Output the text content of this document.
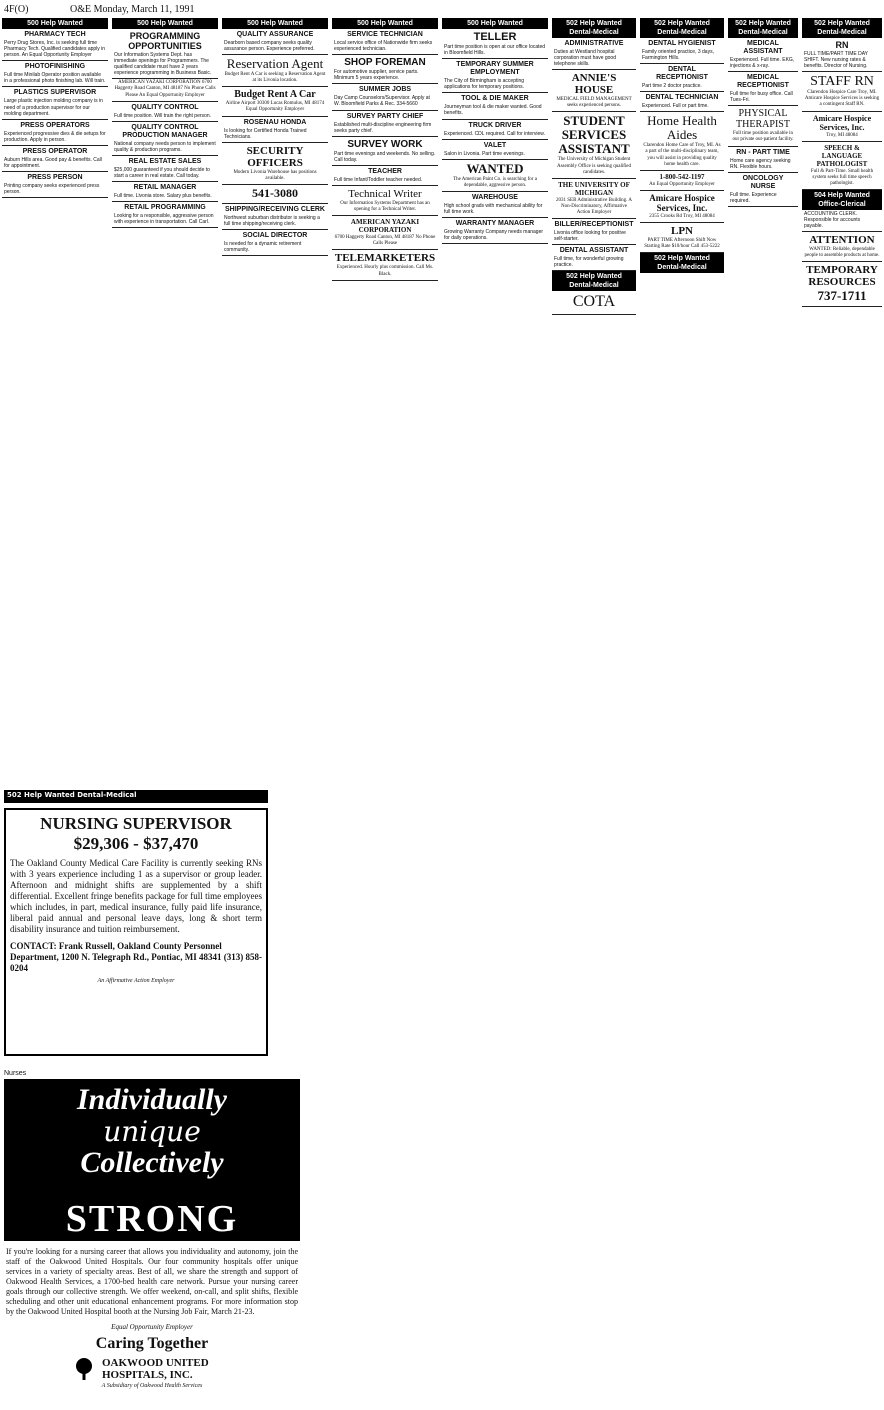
4F(O)	O&E Monday, March 11, 1991
500 Help Wanted
PHARMACY TECH
Perry Drug Stores, Inc. is seeking full time Pharmacy Tech. Qualified candidates apply in person. An Equal Opportunity Employer
PHOTOFINISHING
Full time Minilab Operator position available in a professional photo finishing lab. Will train.
PLASTICS SUPERVISOR
Large plastic injection molding company is in need of a production supervisor for our molding department.
PRESS OPERATORS
Experienced progressive dies & die setups for production. Apply in person.
PRESS OPERATOR
Auburn Hills area. Good pay & benefits. Call for appointment.
PRESS PERSON
Printing company seeks experienced press person.
500 Help Wanted
PROGRAMMING OPPORTUNITIES
Our Information Systems Dept. has immediate openings for Programmers. The qualified candidate must have 2 years experience programming in Business Basic.
AMERICAN YAZAKI CORPORATION 6700 Haggerty Road Canton, MI 48187 No Phone Calls Please An Equal Opportunity Employer
QUALITY CONTROL
Full time position. Will train the right person.
QUALITY CONTROL PRODUCTION MANAGER
National company needs person to implement quality & production programs.
REAL ESTATE SALES
$25,000 guaranteed if you should decide to start a career in real estate. Call today.
RETAIL MANAGER
Full time. Livonia store. Salary plus benefits.
RETAIL PROGRAMMING
Looking for a responsible, aggressive person with experience in transportation. Call Carl.
500 Help Wanted
QUALITY ASSURANCE
Dearborn based company seeks quality assurance person. Experience preferred.
Reservation Agent
Budget Rent A Car is seeking a Reservation Agent at its Livonia location.
Budget Rent A Car
Airline Airport 30300 Lucas Romulus, MI 48174 Equal Opportunity Employer
ROSENAU HONDA
Is looking for Certified Honda Trained Technicians.
SECURITY OFFICERS
Modern Livonia Warehouse has positions available.
541-3080
SHIPPING/RECEIVING CLERK
Northwest suburban distributor is seeking a full time shipping/receiving clerk.
SOCIAL DIRECTOR
Is needed for a dynamic retirement community.
500 Help Wanted
SERVICE TECHNICIAN
Local service office of Nationwide firm seeks experienced technician.
SHOP FOREMAN
For automotive supplier, service parts. Minimum 5 years experience.
SUMMER JOBS
Day Camp Counselors/Supervisor. Apply at W. Bloomfield Parks & Rec. 334-5660
SURVEY PARTY CHIEF
Established multi-discipline engineering firm seeks party chief.
SURVEY WORK
Part time evenings and weekends. No selling. Call today.
TEACHER
Full time Infant/Toddler teacher needed.
Technical Writer
Our Information Systems Department has an opening for a Technical Writer.
AMERICAN YAZAKI CORPORATION
6700 Haggerty Road Canton, MI 48187 No Phone Calls Please
TELEMARKETERS
Experienced. Hourly plus commission. Call Ms. Black.
500 Help Wanted
TELLER
Part time position is open at our office located in Bloomfield Hills.
TEMPORARY SUMMER EMPLOYMENT
The City of Birmingham is accepting applications for temporary positions.
TOOL & DIE MAKER
Journeyman tool & die maker wanted. Good benefits.
TRUCK DRIVER
Experienced. CDL required. Call for interview.
VALET
Salon in Livonia. Part time evenings.
WANTED
The American Paint Co. is searching for a dependable, aggressive person.
WAREHOUSE
High school grads with mechanical ability for full time work.
WARRANTY MANAGER
Growing Warranty Company needs manager for daily operations.
502 Help Wanted Dental-Medical
ADMINISTRATIVE
Duties at Westland hospital corporation must have good telephone skills.
ANNIE'S HOUSE
MEDICAL FIELD MANAGEMENT seeks experienced persons.
STUDENT SERVICES ASSISTANT
The University of Michigan Student Assembly Office is seeking qualified candidates.
THE UNIVERSITY OF MICHIGAN
2031 SEB Administrative Building. A Non-Discriminatory, Affirmative Action Employer
BILLER/RECEPTIONIST
Livonia office looking for positive self-starter.
DENTAL ASSISTANT
Full time, for wonderful growing practice.
502 Help Wanted Dental-Medical
COTA
502 Help Wanted Dental-Medical
DENTAL HYGIENIST
Family oriented practice, 3 days, Farmington Hills.
DENTAL RECEPTIONIST
Part time 2 doctor practice.
DENTAL TECHNICIAN
Experienced. Full or part time.
Home Health Aides
Clarendon Home Care of Troy, MI. As a part of the multi-disciplinary team, you will assist in providing quality home health care.
1-800-542-1197
An Equal Opportunity Employer
Amicare Hospice Services, Inc.
2355 Crooks Rd Troy, MI 48084
LPN
PART TIME Afternoon Shift Now Starting Rate $10/hour Call 453-5222
502 Help Wanted Dental-Medical
502 Help Wanted Dental-Medical
MEDICAL ASSISTANT
Experienced. Full time. EKG, injections & x-ray.
MEDICAL RECEPTIONIST
Full time for busy office. Call Tues-Fri.
PHYSICAL THERAPIST
Full time position available in our private out-patient facility.
RN - PART TIME
Home care agency seeking RN. Flexible hours.
ONCOLOGY NURSE
Full time. Experience required.
502 Help Wanted Dental-Medical
RN
FULL TIME/PART TIME DAY SHIFT. New nursing rates & benefits. Director of Nursing.
STAFF RN
Clarendon Hospice Care Troy, MI. Amicare Hospice Services is seeking a contingent Staff RN.
Amicare Hospice Services, Inc.
Troy, MI 48084
SPEECH & LANGUAGE PATHOLOGIST
Full & Part-Time. Small health system seeks full time speech pathologist.
504 Help Wanted Office-Clerical
ACCOUNTING CLERK. Responsible for accounts payable.
ATTENTION
WANTED: Reliable, dependable people to assemble products at home.
TEMPORARY RESOURCES
737-1711
502 Help Wanted Dental-Medical
NURSING SUPERVISOR
$29,306 - $37,470
The Oakland County Medical Care Facility is currently seeking RNs with 3 years experience including 1 as a supervisor or group leader. Afternoon and midnight shifts are supplemented by a shift differential. Excellent fringe benefits package for full time employees which includes, in part, medical insurance, fully paid life insurance, liberal paid annual and personal leave days, long & short term disability insurance and tuition reimbursement.
CONTACT: Frank Russell, Oakland County Personnel Department, 1200 N. Telegraph Rd., Pontiac, MI 48341 (313) 858-0204
An Affirmative Action Employer
Nurses
Individually
unique
Collectively
STRONG
If you're looking for a nursing career that allows you individuality and autonomy, join the staff of the Oakwood United Hospitals. Our four community hospitals offer unique services in a variety of specialty areas. Best of all, we share the strength and support of Oakwood Health Services, a 1700-bed health care network. Pursue your nursing career goals through our collective strength. We offer weekend, on-call, and split shifts, flexible scheduling and other unit educational enhancement programs. For more information stop by the Oakwood United Hospital booth at the Nursing Job Fair, March 21-23.
Equal Opportunity Employer
Caring Together
OAKWOOD UNITED HOSPITALS, INC.
A Subsidiary of Oakwood Health Services
